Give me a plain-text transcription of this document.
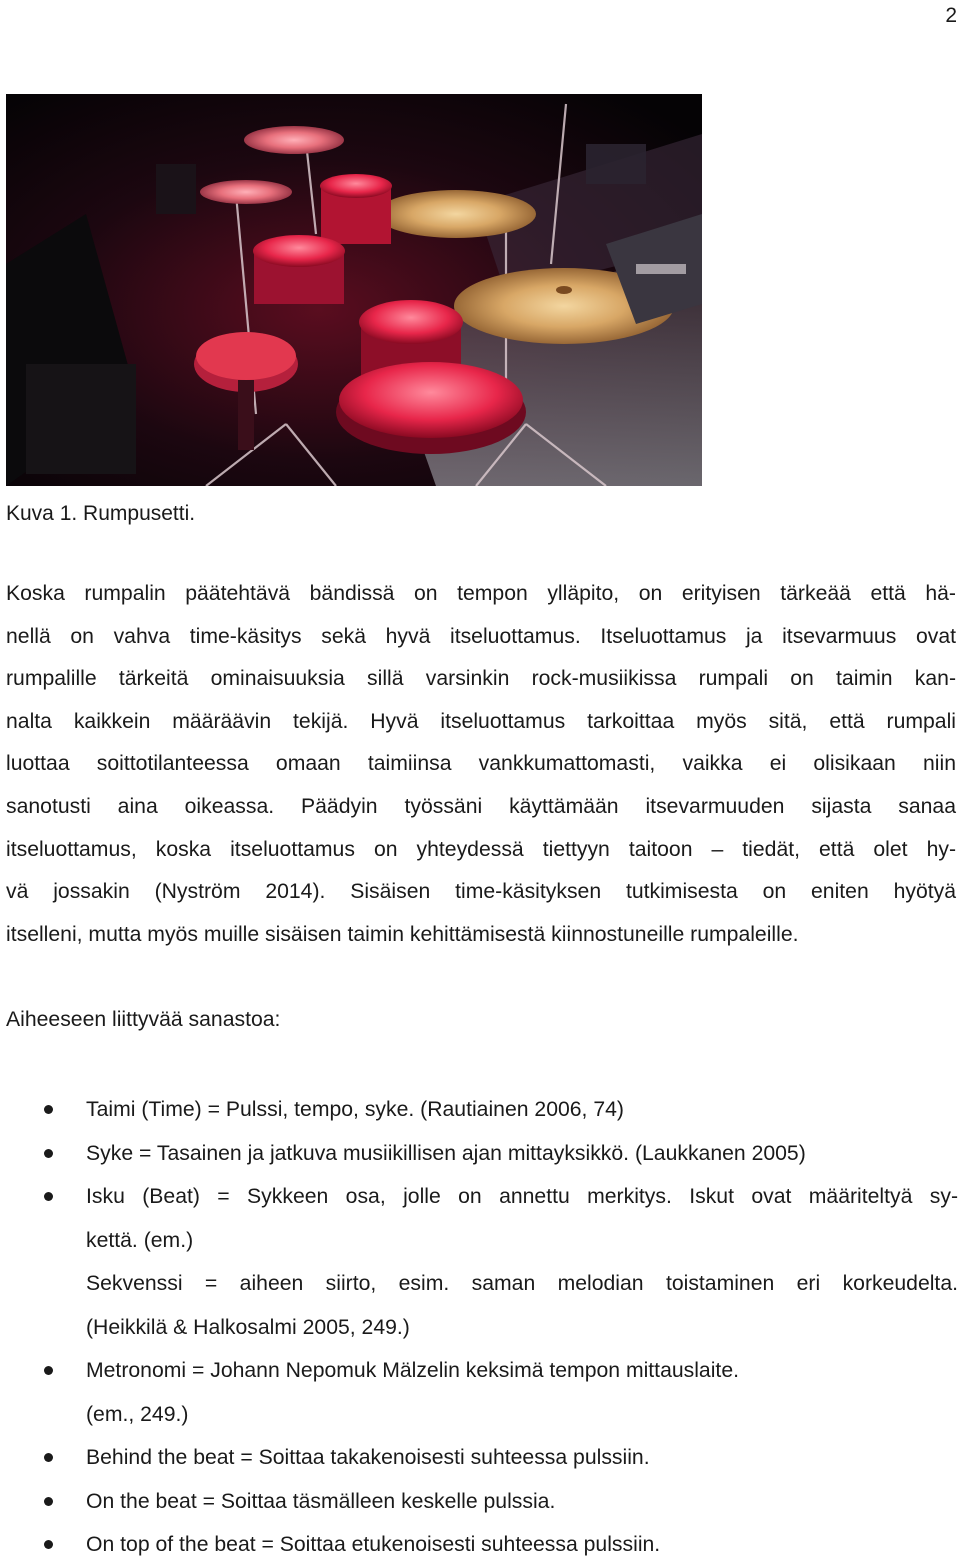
2
Kuva 1. Rumpusetti.

Koska rumpalin päätehtävä bändissä on tempon ylläpito, on erityisen tärkeää että hä-
nellä on vahva time-käsitys sekä hyvä itseluottamus. Itseluottamus ja itsevarmuus ovat
rumpalille tärkeitä ominaisuuksia sillä varsinkin rock-musiikissa rumpali on taimin kan-
nalta kaikkein määräävin tekijä. Hyvä itseluottamus tarkoittaa myös sitä, että rumpali
luottaa soittotilanteessa omaan taimiinsa vankkumattomasti, vaikka ei olisikaan niin
sanotusti aina oikeassa. Päädyin työssäni käyttämään itsevarmuuden sijasta sanaa
itseluottamus, koska itseluottamus on yhteydessä tiettyyn taitoon – tiedät, että olet hy-
vä jossakin (Nyström 2014). Sisäisen time-käsityksen tutkimisesta on eniten hyötyä
itselleni, mutta myös muille sisäisen taimin kehittämisestä kiinnostuneille rumpaleille.

Aiheeseen liittyvää sanastoa:
Taimi (Time) = Pulssi, tempo, syke. (Rautiainen 2006, 74)
Syke = Tasainen ja jatkuva musiikillisen ajan mittayksikkö. (Laukkanen 2005)
Isku (Beat) = Sykkeen osa, jolle on annettu merkitys. Iskut ovat määriteltyä sy-
kettä. (em.)
Sekvenssi = aiheen siirto, esim. saman melodian toistaminen eri korkeudelta.
(Heikkilä & Halkosalmi 2005, 249.)
Metronomi = Johann Nepomuk Mälzelin keksimä tempon mittauslaite.
(em., 249.)
Behind the beat = Soittaa takakenoisesti suhteessa pulssiin.
On the beat = Soittaa täsmälleen keskelle pulssia.
On top of the beat = Soittaa etukenoisesti suhteessa pulssiin.
